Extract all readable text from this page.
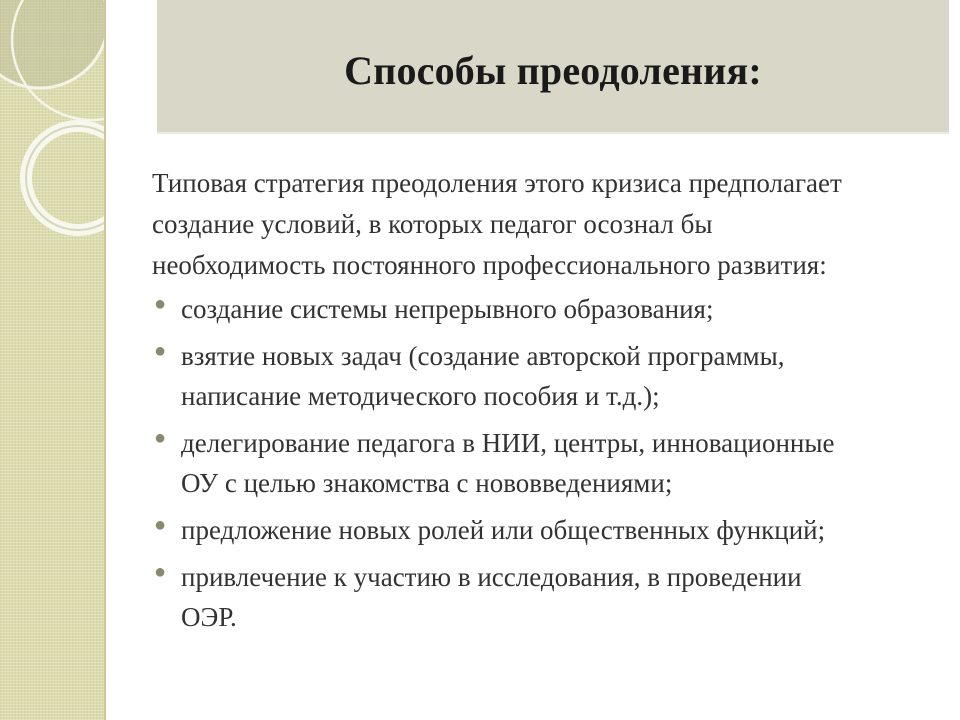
Способы преодоления:

Типовая стратегия преодоления этого кризиса предполагает
создание условий, в которых педагог осознал бы
необходимость постоянного профессионального развития:

● создание системы непрерывного образования;
● взятие новых задач (создание авторской программы,
написание методического пособия и т.д.);
● делегирование педагога в НИИ, центры, инновационные
ОУ с целью знакомства с нововведениями;
● предложение новых ролей или общественных функций;
● привлечение к участию в исследования, в проведении
ОЭР.
